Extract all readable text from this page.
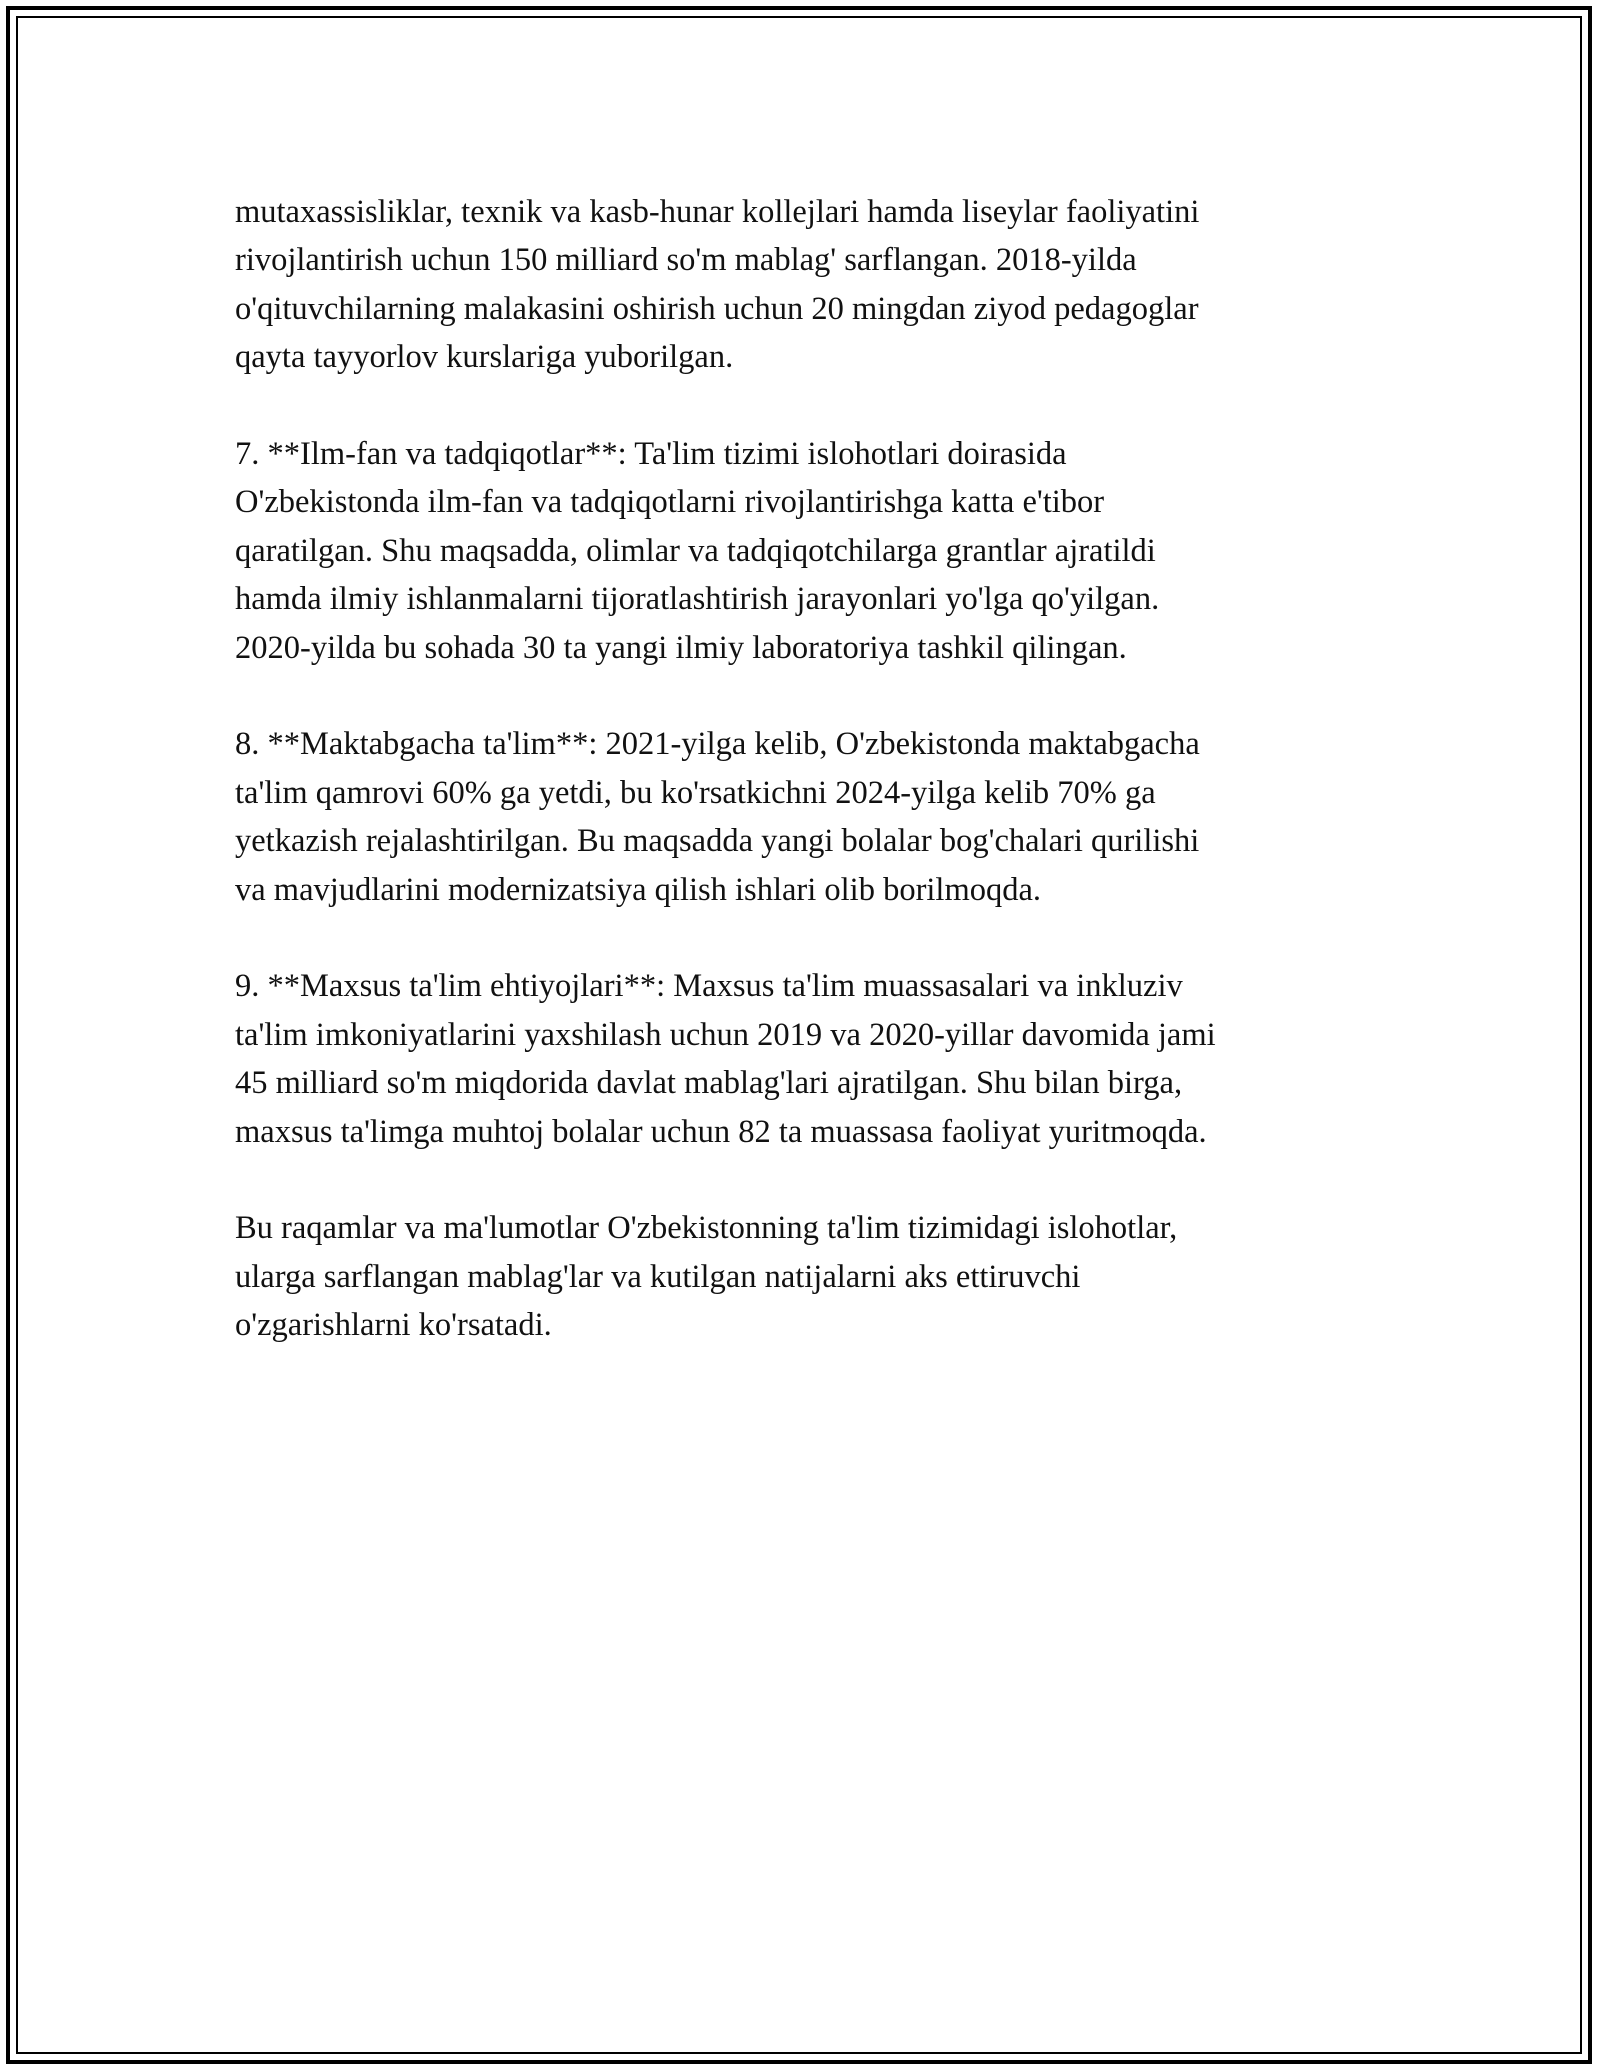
mutaxassisliklar, texnik va kasb-hunar kollejlari hamda liseylar faoliyatini
rivojlantirish uchun 150 milliard so'm mablag' sarflangan. 2018-yilda
o'qituvchilarning malakasini oshirish uchun 20 mingdan ziyod pedagoglar
qayta tayyorlov kurslariga yuborilgan.

7. **Ilm-fan va tadqiqotlar**: Ta'lim tizimi islohotlari doirasida
O'zbekistonda ilm-fan va tadqiqotlarni rivojlantirishga katta e'tibor
qaratilgan. Shu maqsadda, olimlar va tadqiqotchilarga grantlar ajratildi
hamda ilmiy ishlanmalarni tijoratlashtirish jarayonlari yo'lga qo'yilgan.
2020-yilda bu sohada 30 ta yangi ilmiy laboratoriya tashkil qilingan.

8. **Maktabgacha ta'lim**: 2021-yilga kelib, O'zbekistonda maktabgacha
ta'lim qamrovi 60% ga yetdi, bu ko'rsatkichni 2024-yilga kelib 70% ga
yetkazish rejalashtirilgan. Bu maqsadda yangi bolalar bog'chalari qurilishi
va mavjudlarini modernizatsiya qilish ishlari olib borilmoqda.

9. **Maxsus ta'lim ehtiyojlari**: Maxsus ta'lim muassasalari va inkluziv
ta'lim imkoniyatlarini yaxshilash uchun 2019 va 2020-yillar davomida jami
45 milliard so'm miqdorida davlat mablag'lari ajratilgan. Shu bilan birga,
maxsus ta'limga muhtoj bolalar uchun 82 ta muassasa faoliyat yuritmoqda.

Bu raqamlar va ma'lumotlar O'zbekistonning ta'lim tizimidagi islohotlar,
ularga sarflangan mablag'lar va kutilgan natijalarni aks ettiruvchi
o'zgarishlarni ko'rsatadi.
